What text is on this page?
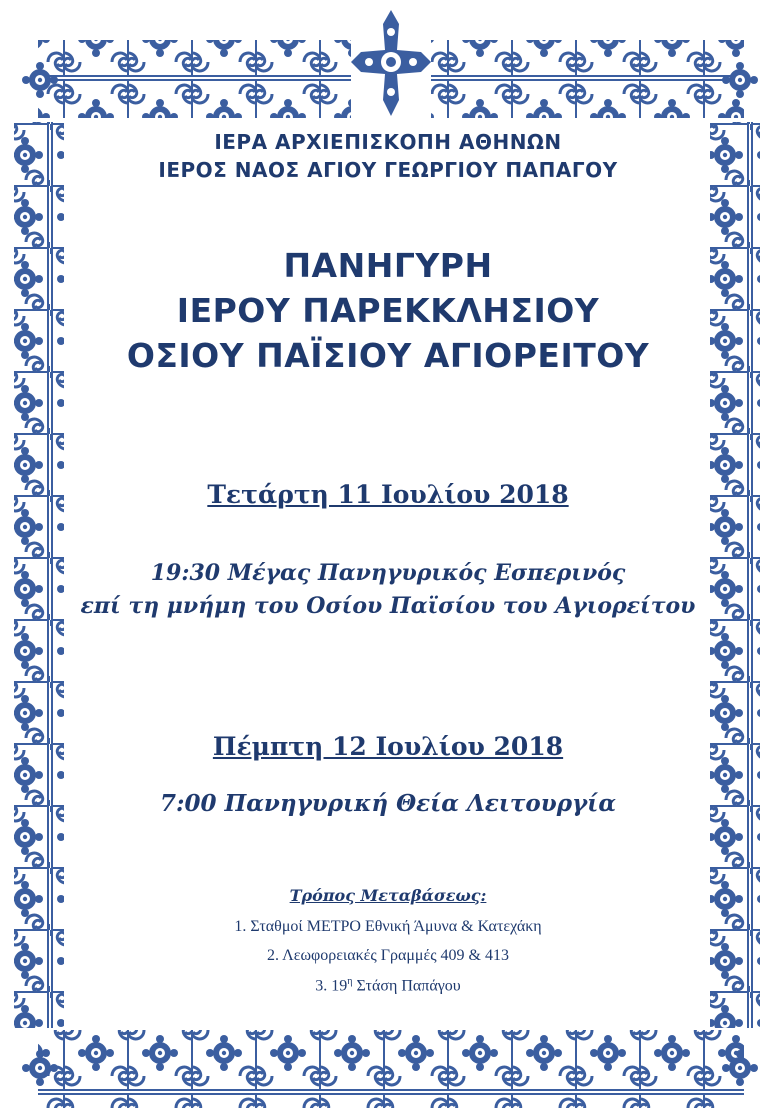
ΙΕΡΑ ΑΡΧΙΕΠΙΣΚΟΠΗ ΑΘΗΝΩΝ
ΙΕΡΟΣ ΝΑΟΣ ΑΓΙΟΥ ΓΕΩΡΓΙΟΥ ΠΑΠΑΓΟΥ
ΠΑΝΗΓΥΡΗ
ΙΕΡΟΥ ΠΑΡΕΚΚΛΗΣΙΟΥ
ΟΣΙΟΥ ΠΑΪΣΙΟΥ ΑΓΙΟΡΕΙΤΟΥ
Τετάρτη 11 Ιουλίου 2018
19:30 Μέγας Πανηγυρικός Εσπερινός
επί τη μνήμη του Οσίου Παϊσίου του Αγιορείτου
Πέμπτη 12 Ιουλίου 2018
7:00 Πανηγυρική Θεία Λειτουργία
Τρόπος Μεταβάσεως:
1. Σταθμοί ΜΕΤΡΟ Εθνική Άμυνα & Κατεχάκη
2. Λεωφορειακές Γραμμές 409 & 413
3. $19^\eta$ Στάση Παπάγου
